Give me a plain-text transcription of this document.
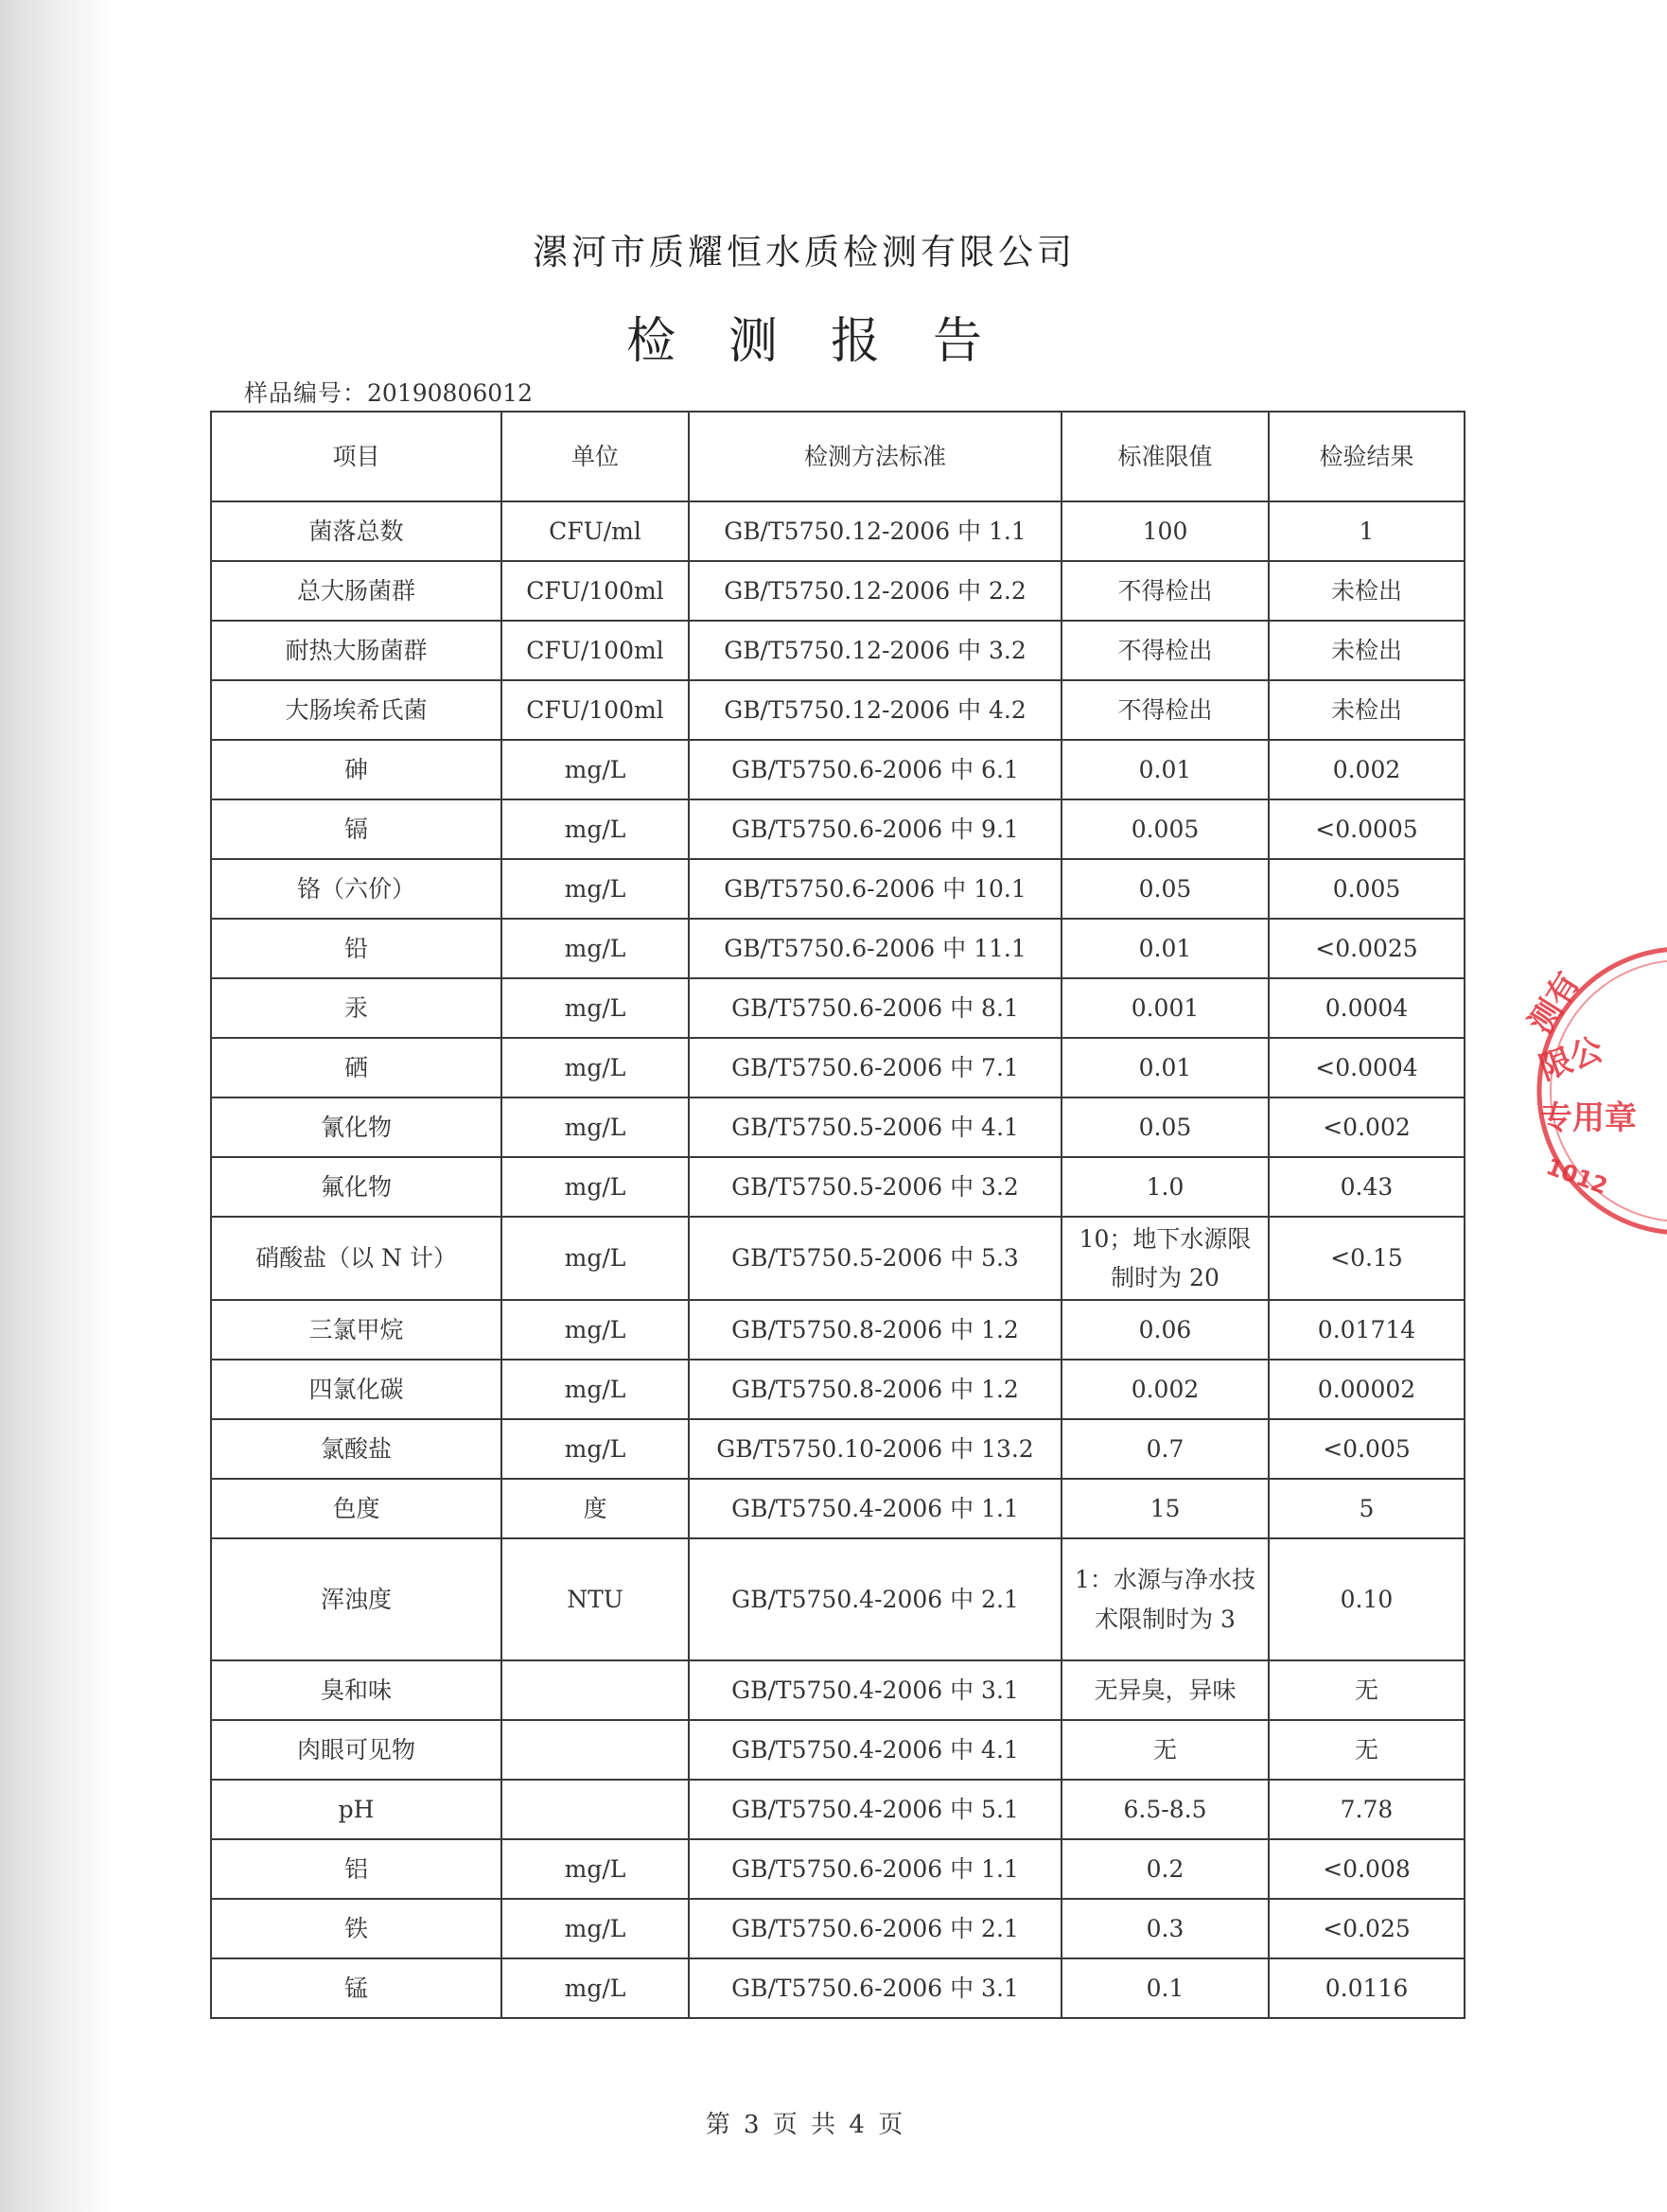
漯河市质耀恒水质检测有限公司
检测报告
样品编号：20190806012
项目	单位	检测方法标准	标准限值	检验结果
菌落总数	CFU/ml	GB/T5750.12-2006 中 1.1	100	1
总大肠菌群	CFU/100ml	GB/T5750.12-2006 中 2.2	不得检出	未检出
耐热大肠菌群	CFU/100ml	GB/T5750.12-2006 中 3.2	不得检出	未检出
大肠埃希氏菌	CFU/100ml	GB/T5750.12-2006 中 4.2	不得检出	未检出
砷	mg/L	GB/T5750.6-2006 中 6.1	0.01	0.002
镉	mg/L	GB/T5750.6-2006 中 9.1	0.005	<0.0005
铬（六价）	mg/L	GB/T5750.6-2006 中 10.1	0.05	0.005
铅	mg/L	GB/T5750.6-2006 中 11.1	0.01	<0.0025
汞	mg/L	GB/T5750.6-2006 中 8.1	0.001	0.0004
硒	mg/L	GB/T5750.6-2006 中 7.1	0.01	<0.0004
氰化物	mg/L	GB/T5750.5-2006 中 4.1	0.05	<0.002
氟化物	mg/L	GB/T5750.5-2006 中 3.2	1.0	0.43
硝酸盐（以 N 计）	mg/L	GB/T5750.5-2006 中 5.3	10；地下水源限制时为 20	<0.15
三氯甲烷	mg/L	GB/T5750.8-2006 中 1.2	0.06	0.01714
四氯化碳	mg/L	GB/T5750.8-2006 中 1.2	0.002	0.00002
氯酸盐	mg/L	GB/T5750.10-2006 中 13.2	0.7	<0.005
色度	度	GB/T5750.4-2006 中 1.1	15	5
浑浊度	NTU	GB/T5750.4-2006 中 2.1	1：水源与净水技术限制时为 3	0.10
臭和味		GB/T5750.4-2006 中 3.1	无异臭，异味	无
肉眼可见物		GB/T5750.4-2006 中 4.1	无	无
pH		GB/T5750.4-2006 中 5.1	6.5-8.5	7.78
铝	mg/L	GB/T5750.6-2006 中 1.1	0.2	<0.008
铁	mg/L	GB/T5750.6-2006 中 2.1	0.3	<0.025
锰	mg/L	GB/T5750.6-2006 中 3.1	0.1	0.0116
第 3 页 共 4 页
测有
限公
专用章
1012
